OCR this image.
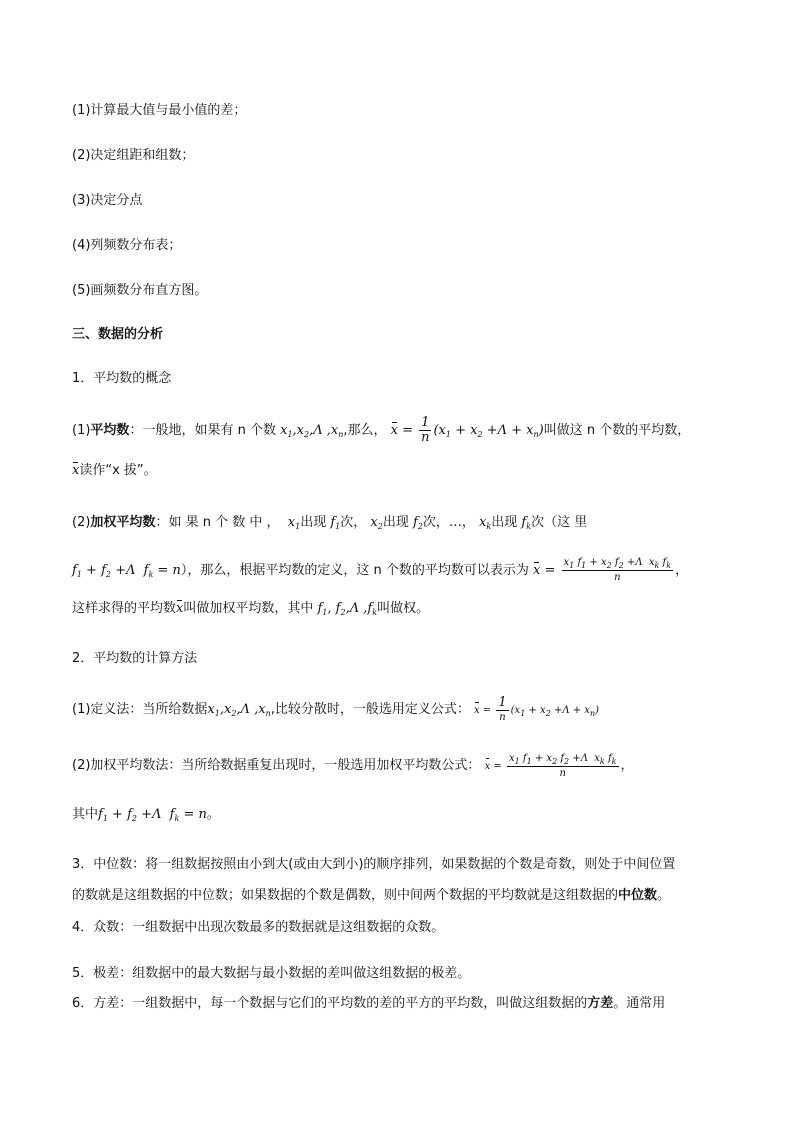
(1)计算最大值与最小值的差；
(2)决定组距和组数；
(3)决定分点
(4)列频数分布表；
(5)画频数分布直方图。
三、数据的分析
1．平均数的概念
(1)平均数：一般地，如果有 n 个数 $x_1,x_2,\Lambda$ $,x_n$,那么， $x = \frac{1}{n} (x_1 + x_2 +\Lambda + x_n)$叫做这 n 个数的平均数，
x读作“x 拔”。
(2)加权平均数：如 果 n 个 数 中 ， $x_1$出现 $f_1$次， $x_2$出现 $f_2$次，…， $x_k$出现 $f_k$次（这 里
$f_1 + f_2 +\Lambda$  $f_k = n$），那么，根据平均数的定义，这 n 个数的平均数可以表示为 $x = \frac{x_1 f_1 + x_2 f_2 +\Lambda x_k f_k}{n}$ ，
这样求得的平均数x叫做加权平均数，其中 $f_1$, $f_2,\Lambda$ $,f_k$叫做权。
2．平均数的计算方法
(1)定义法：当所给数据$x_1,x_2,\Lambda$ $,x_n$,比较分散时，一般选用定义公式： $x = \frac{1}{n} (x_1 + x_2 +\Lambda + x_n)$
(2)加权平均数法：当所给数据重复出现时，一般选用加权平均数公式： $x = \frac{x_1 f_1 + x_2 f_2 +\Lambda x_k f_k}{n}$ ，
其中$f_1 + f_2 +\Lambda$  $f_k = n$。
3．中位数：将一组数据按照由小到大(或由大到小)的顺序排列，如果数据的个数是奇数，则处于中间位置
的数就是这组数据的中位数；如果数据的个数是偶数，则中间两个数据的平均数就是这组数据的中位数。
4．众数：一组数据中出现次数最多的数据就是这组数据的众数。
5．极差：组数据中的最大数据与最小数据的差叫做这组数据的极差。
6．方差：一组数据中，每一个数据与它们的平均数的差的平方的平均数，叫做这组数据的方差。通常用
